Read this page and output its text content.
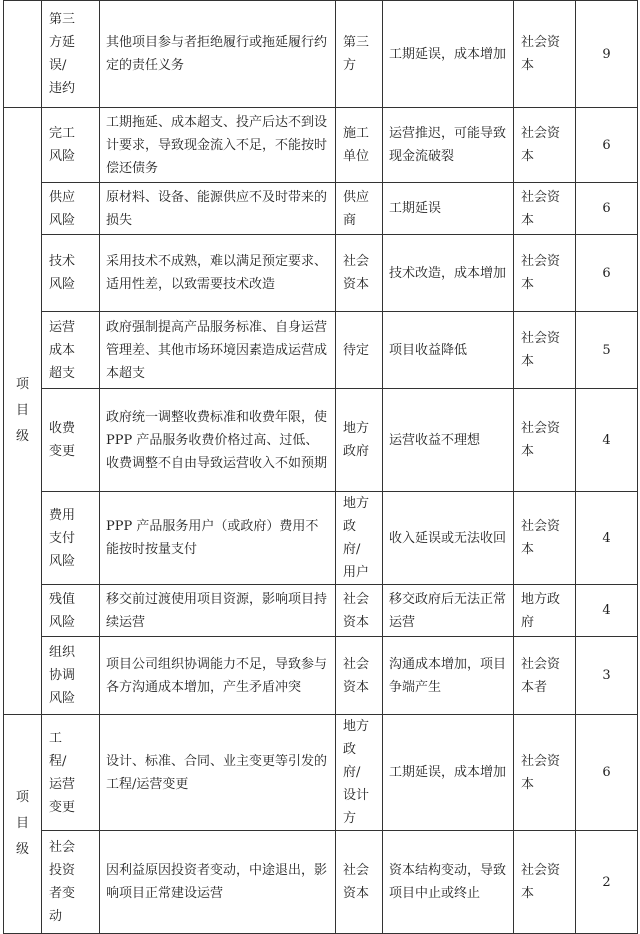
	第三方延误/违约	其他项目参与者拒绝履行或拖延履行约定的责任义务	第三方	工期延误，成本增加	社会资本	9
项目级	完工风险	工期拖延、成本超支、投产后达不到设计要求，导致现金流入不足，不能按时偿还债务	施工单位	运营推迟，可能导致现金流破裂	社会资本	6

	供应风险	原材料、设备、能源供应不及时带来的损失	供应商	工期延误	社会资本	6

	技术风险	采用技术不成熟，难以满足预定要求、适用性差，以致需要技术改造	社会资本	技术改造，成本增加	社会资本	6

	运营成本超支	政府强制提高产品服务标准、自身运营管理差、其他市场环境因素造成运营成本超支	待定	项目收益降低	社会资本	5

	收费变更	政府统一调整收费标准和收费年限，使 PPP 产品服务收费价格过高、过低、收费调整不自由导致运营收入不如预期	地方政府	运营收益不理想	社会资本	4

	费用支付风险	PPP 产品服务用户（或政府）费用不能按时按量支付	地方政府/用户	收入延误或无法收回	社会资本	4

	残值风险	移交前过渡使用项目资源，影响项目持续运营	社会资本	移交政府后无法正常运营	地方政府	4

	组织协调风险	项目公司组织协调能力不足，导致参与各方沟通成本增加，产生矛盾冲突	社会资本	沟通成本增加，项目争端产生	社会资本者	3
项目级	工程/运营变更	设计、标准、合同、业主变更等引发的工程/运营变更	地方政府/设计方	工期延误，成本增加	社会资本	6

	社会投资者变动	因利益原因投资者变动，中途退出，影响项目正常建设运营	社会资本	资本结构变动，导致项目中止或终止	社会资本	2
